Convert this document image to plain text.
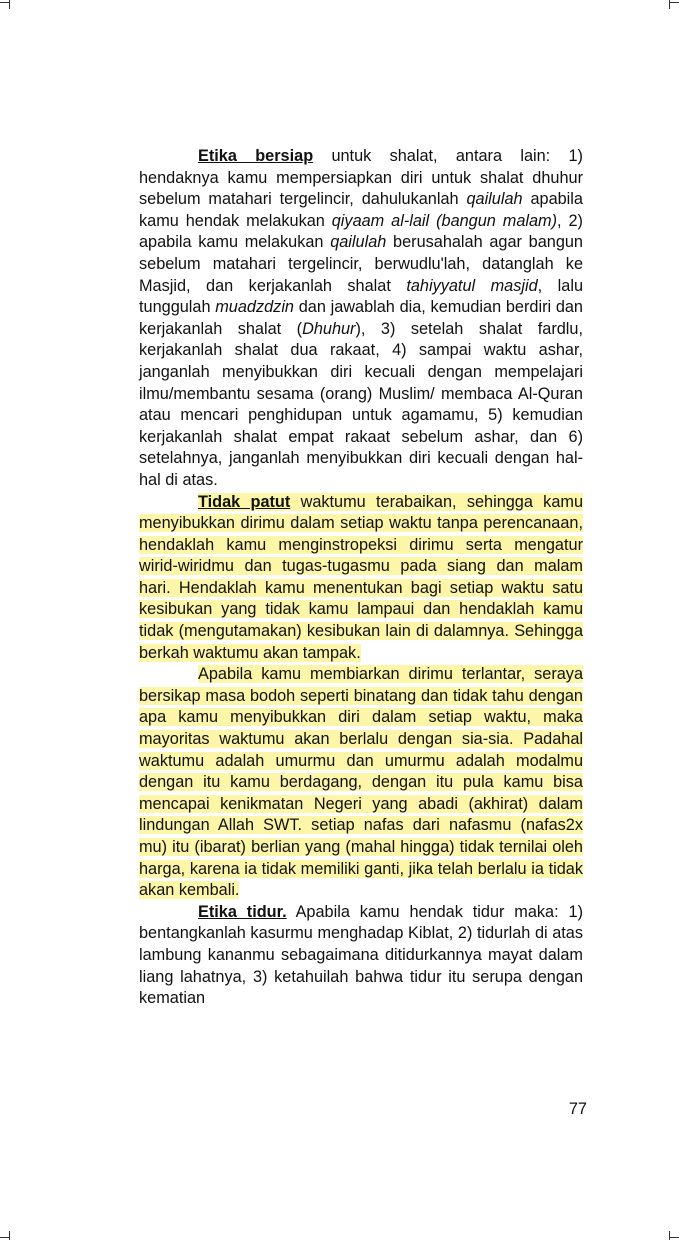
Etika bersiap untuk shalat, antara lain: 1) hendaknya kamu mempersiapkan diri untuk shalat dhuhur sebelum matahari tergelincir, dahulukanlah qailulah apabila kamu hendak melakukan qiyaam al-lail (bangun malam), 2) apabila kamu melakukan qailulah berusahalah agar bangun sebelum matahari tergelincir, berwudlu'lah, datanglah ke Masjid, dan kerjakanlah shalat tahiyyatul masjid, lalu tunggulah muadzdzin dan jawablah dia, kemudian berdiri dan kerjakanlah shalat (Dhuhur), 3) setelah shalat fardlu, kerjakanlah shalat dua rakaat, 4) sampai waktu ashar, janganlah menyibukkan diri kecuali dengan mempelajari ilmu/membantu sesama (orang) Muslim/ membaca Al-Quran atau mencari penghidupan untuk agamamu, 5) kemudian kerjakanlah shalat empat rakaat sebelum ashar, dan 6) setelahnya, janganlah menyibukkan diri kecuali dengan hal-hal di atas.

Tidak patut waktumu terabaikan, sehingga kamu menyibukkan dirimu dalam setiap waktu tanpa perencanaan, hendaklah kamu menginstropeksi dirimu serta mengatur wirid-wiridmu dan tugas-tugasmu pada siang dan malam hari. Hendaklah kamu menentukan bagi setiap waktu satu kesibukan yang tidak kamu lampaui dan hendaklah kamu tidak (mengutamakan) kesibukan lain di dalamnya. Sehingga berkah waktumu akan tampak.

Apabila kamu membiarkan dirimu terlantar, seraya bersikap masa bodoh seperti binatang dan tidak tahu dengan apa kamu menyibukkan diri dalam setiap waktu, maka mayoritas waktumu akan berlalu dengan sia-sia. Padahal waktumu adalah umurmu dan umurmu adalah modalmu dengan itu kamu berdagang, dengan itu pula kamu bisa mencapai kenikmatan Negeri yang abadi (akhirat) dalam lindungan Allah SWT. setiap nafas dari nafasmu (nafas2x mu) itu (ibarat) berlian yang (mahal hingga) tidak ternilai oleh harga, karena ia tidak memiliki ganti, jika telah berlalu ia tidak akan kembali.

Etika tidur. Apabila kamu hendak tidur maka: 1) bentangkanlah kasurmu menghadap Kiblat, 2) tidurlah di atas lambung kananmu sebagaimana ditidurkannya mayat dalam liang lahatnya, 3) ketahuilah bahwa tidur itu serupa dengan kematian

77
